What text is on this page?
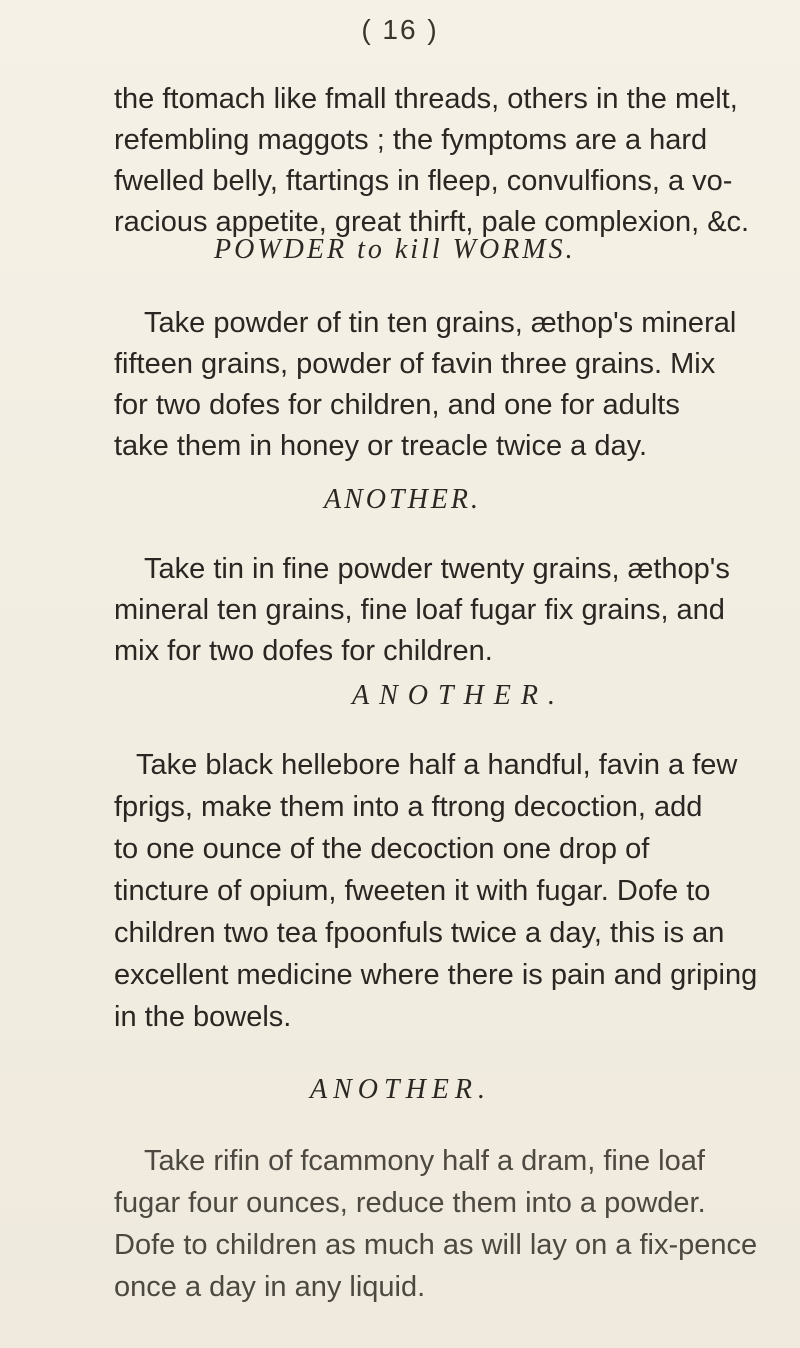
( 16 )
the ftomach like fmall threads, others in the melt,
refembling maggots ; the fymptoms are a hard
fwelled belly, ftartings in fleep, convulfions, a vo-
racious appetite, great thirft, pale complexion, &c.
POWDER to kill WORMS.
Take powder of tin ten grains, æthop's mineral
fifteen grains, powder of favin three grains. Mix
for two dofes for children, and one for adults
take them in honey or treacle twice a day.
ANOTHER.
Take tin in fine powder twenty grains, æthop's
mineral ten grains, fine loaf fugar fix grains, and
mix for two dofes for children.
ANOTHER.
Take black hellebore half a handful, favin a few
fprigs, make them into a ftrong decoction, add
to one ounce of the decoction one drop of
tincture of opium, fweeten it with fugar. Dofe to
children two tea fpoonfuls twice a day, this is an
excellent medicine where there is pain and griping
in the bowels.
ANOTHER.
Take rifin of fcammony half a dram, fine loaf
fugar four ounces, reduce them into a powder.
Dofe to children as much as will lay on a fix-pence
once a day in any liquid.
